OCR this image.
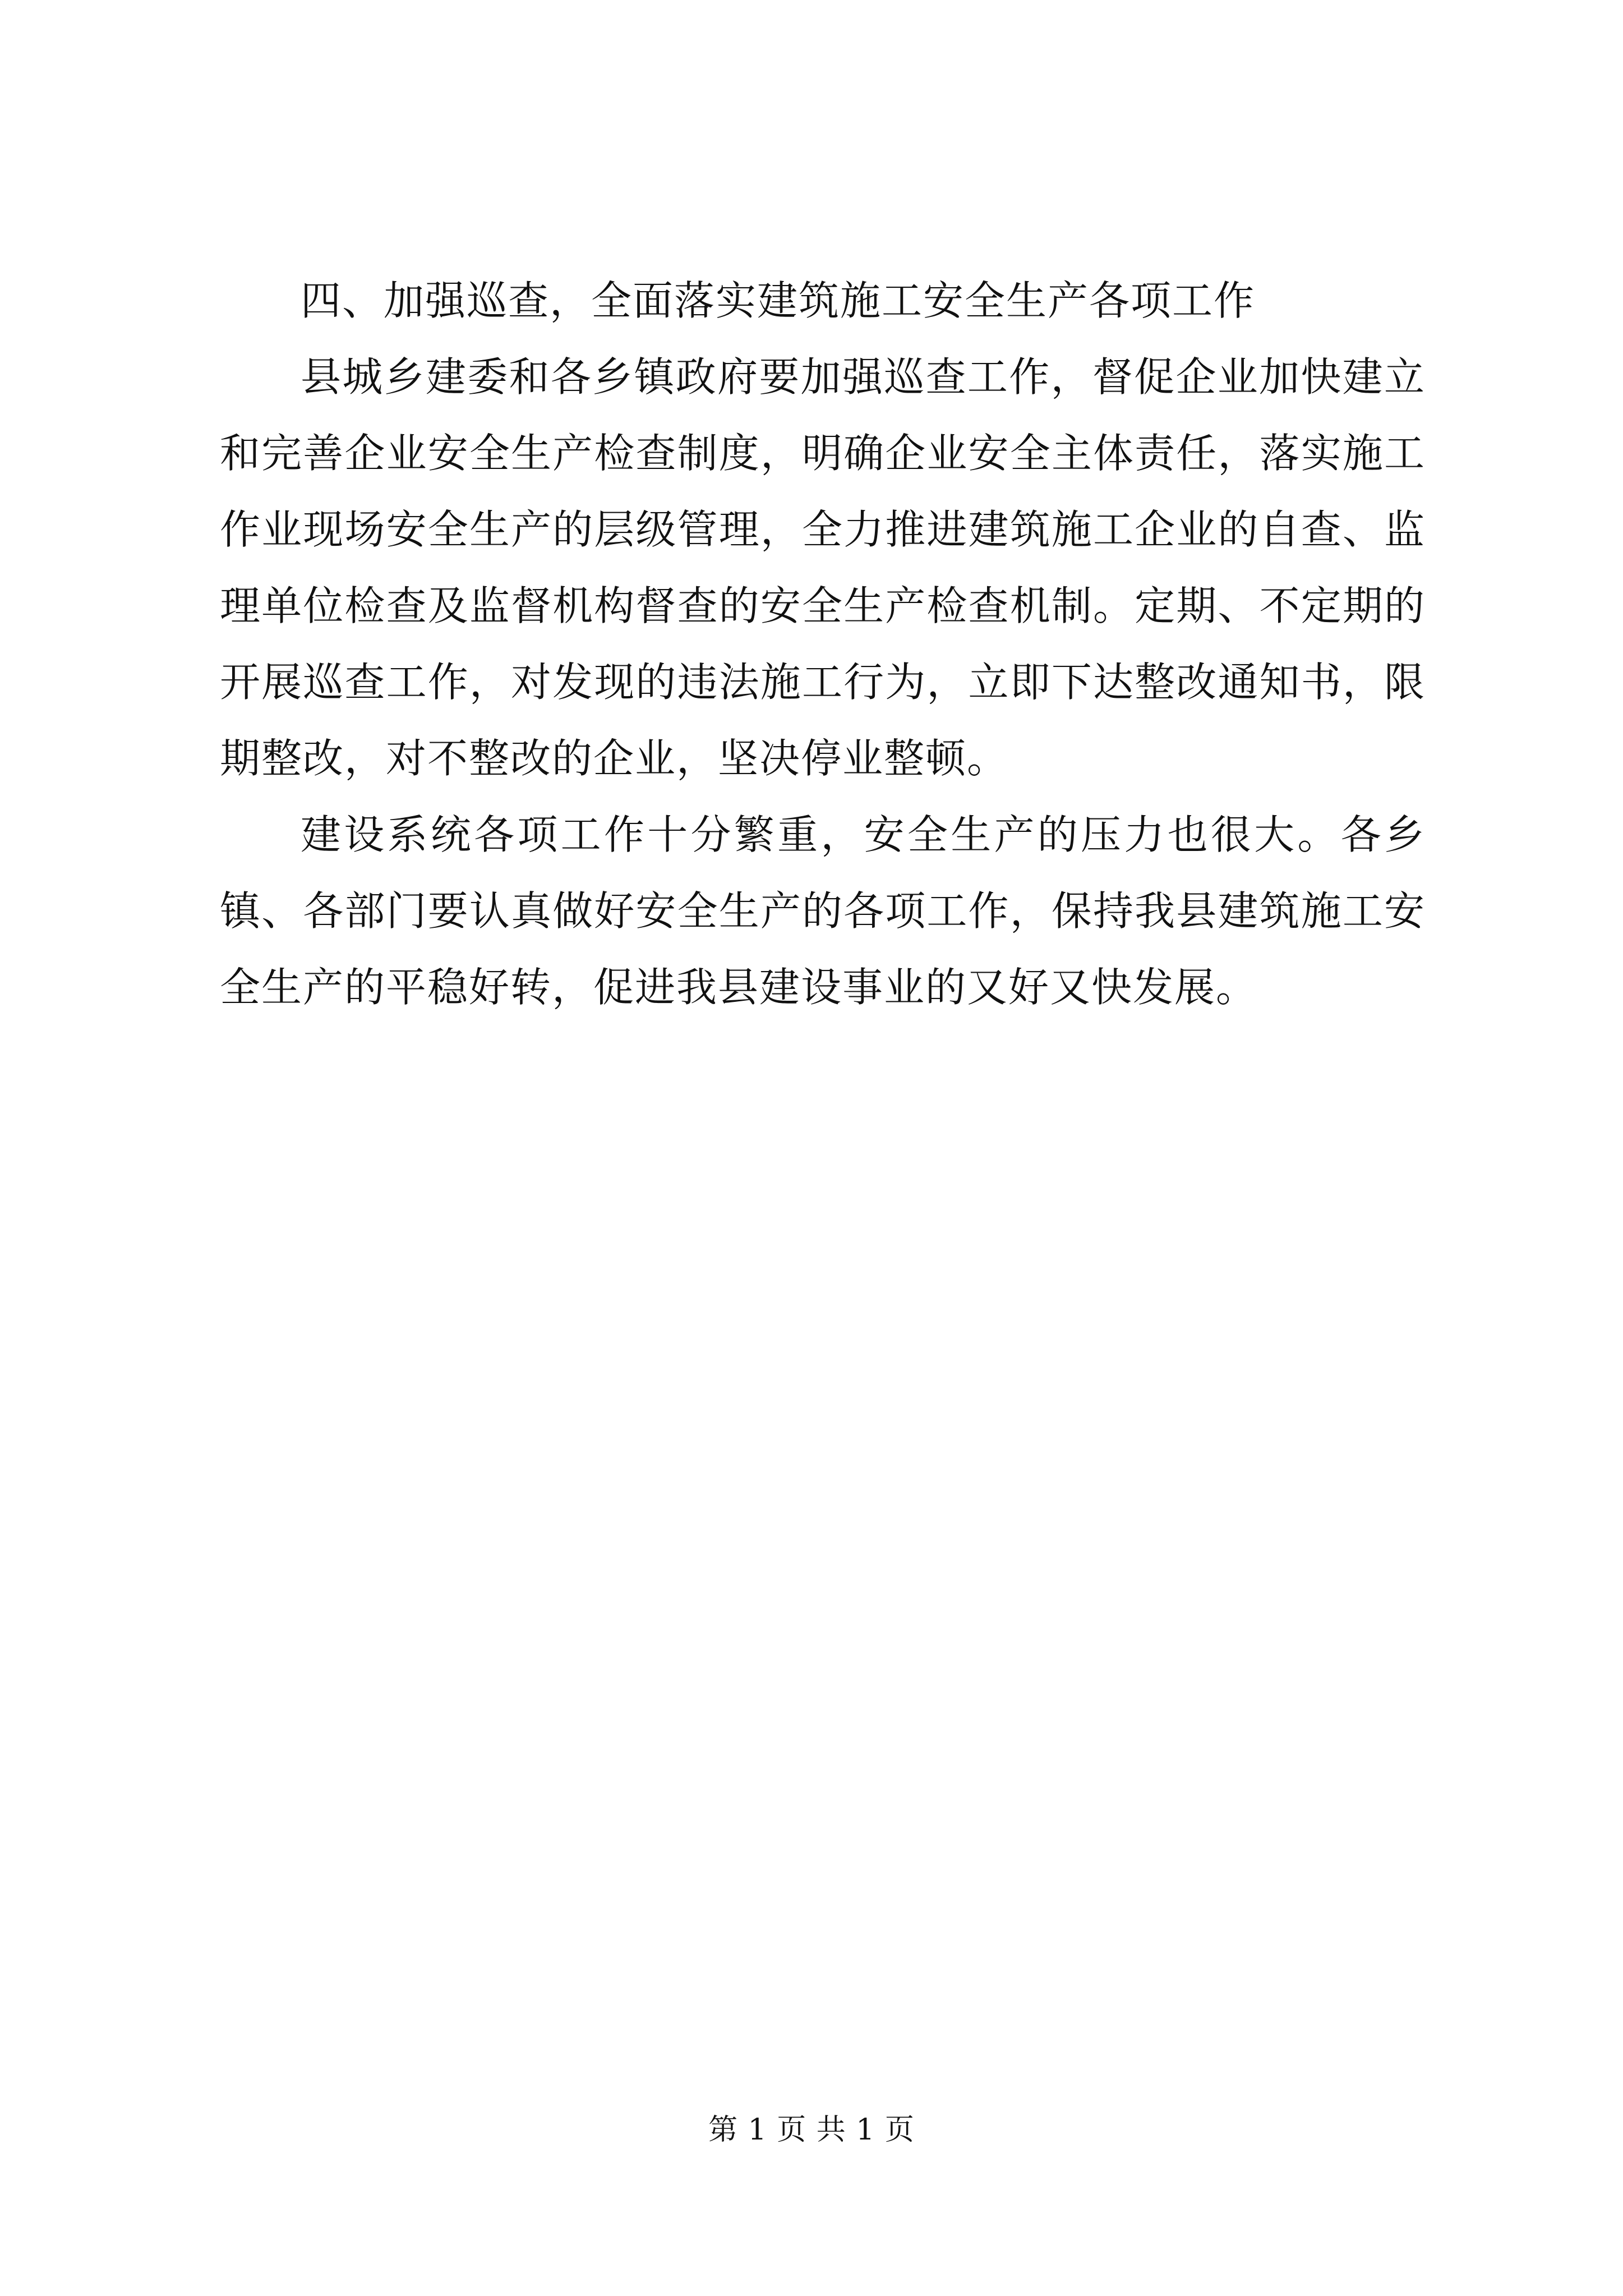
四、加强巡查，全面落实建筑施工安全生产各项工作

县城乡建委和各乡镇政府要加强巡查工作，督促企业加快建立和完善企业安全生产检查制度，明确企业安全主体责任，落实施工作业现场安全生产的层级管理，全力推进建筑施工企业的自查、监理单位检查及监督机构督查的安全生产检查机制。定期、不定期的开展巡查工作，对发现的违法施工行为，立即下达整改通知书，限期整改，对不整改的企业，坚决停业整顿。

建设系统各项工作十分繁重，安全生产的压力也很大。各乡镇、各部门要认真做好安全生产的各项工作，保持我县建筑施工安全生产的平稳好转，促进我县建设事业的又好又快发展。

第 1 页 共 1 页
